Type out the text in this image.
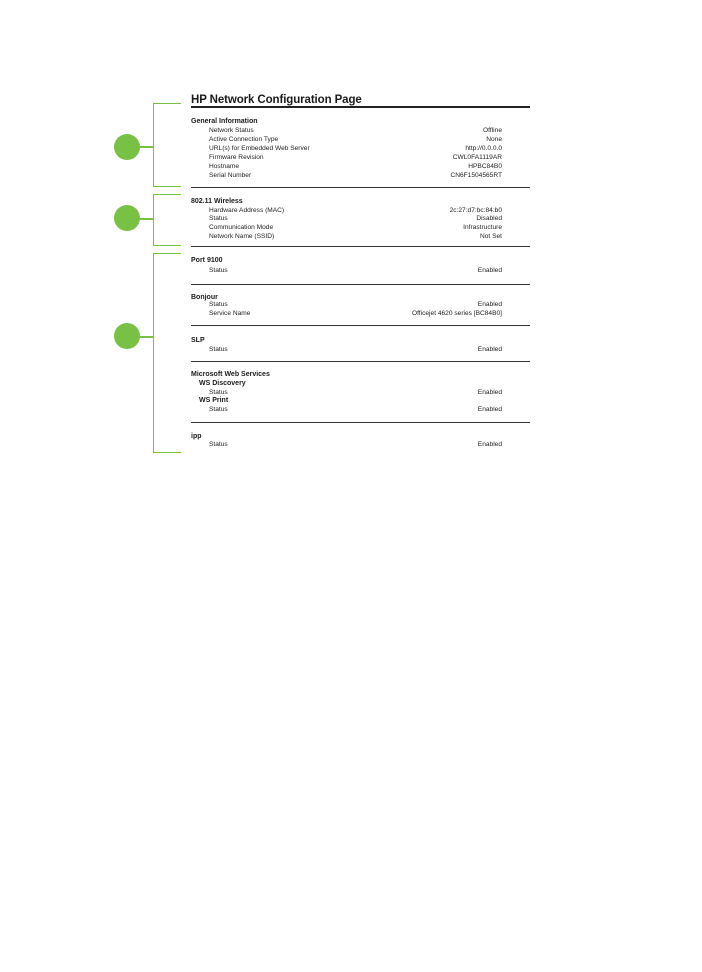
HP Network Configuration Page
General Information
Network Status	Offline
Active Connection Type	None
URL(s) for Embedded Web Server	http://0.0.0.0
Firmware Revision	CWL0FA1119AR
Hostname	HPBC84B0
Serial Number	CN6F1504565RT
802.11 Wireless
Hardware Address (MAC)	2c:27:d7:bc:84:b0
Status	Disabled
Communication Mode	Infrastructure
Network Name (SSID)	Not Set
Port 9100
Status	Enabled
Bonjour
Status	Enabled
Service Name	Officejet 4620 series [BC84B0]
SLP
Status	Enabled
Microsoft Web Services
WS Discovery
Status	Enabled
WS Print
Status	Enabled
ipp
Status	Enabled
